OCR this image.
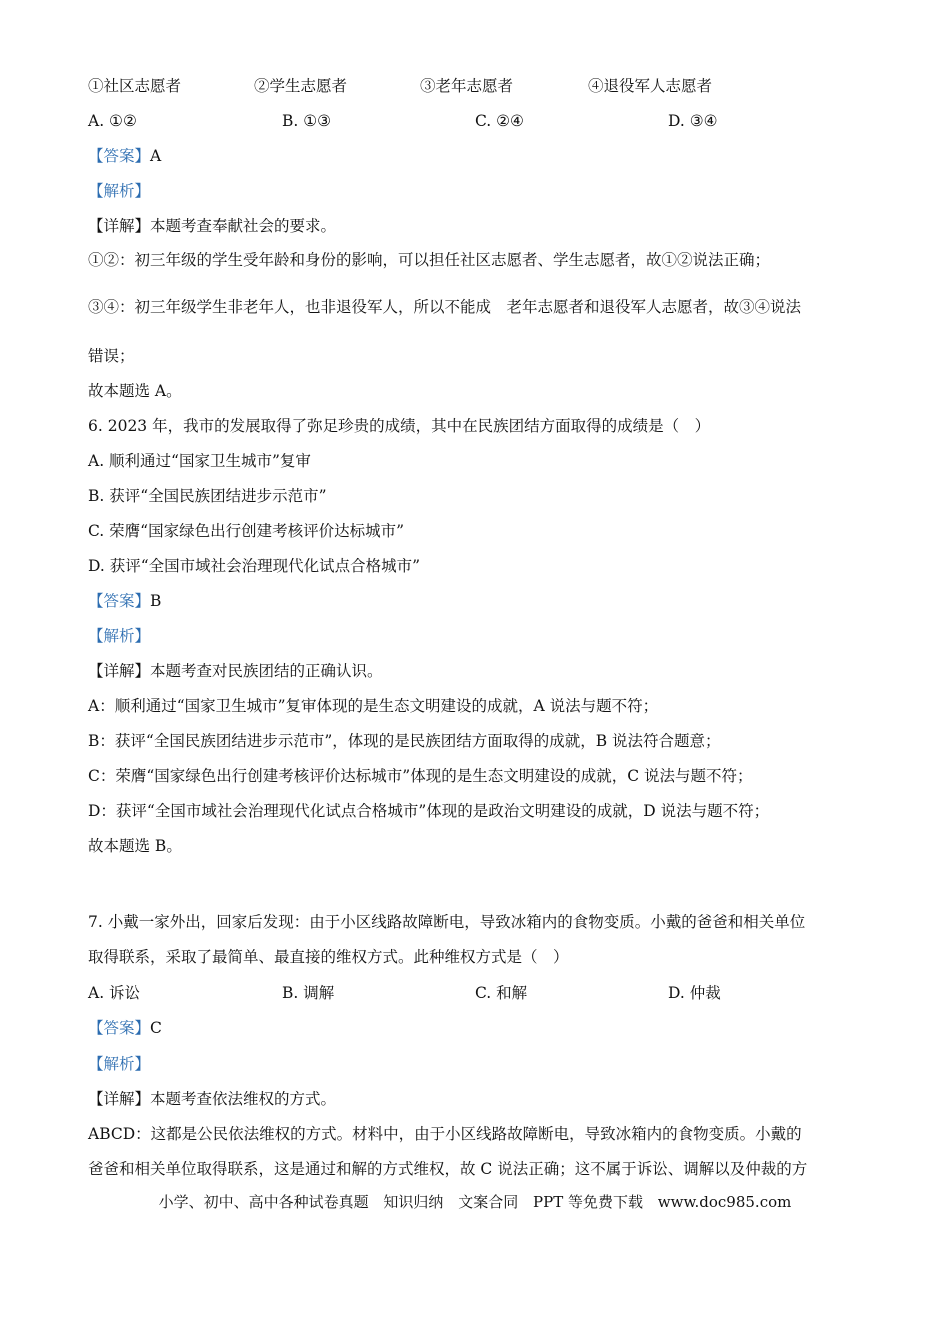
①社区志愿者	②学生志愿者	③老年志愿者	④退役军人志愿者
A. ①②	B. ①③	C. ②④	D. ③④
【答案】A
【解析】
【详解】本题考查奉献社会的要求。
①②：初三年级的学生受年龄和身份的影响，可以担任社区志愿者、学生志愿者，故①②说法正确；
③④：初三年级学生非老年人，也非退役军人，所以不能成　老年志愿者和退役军人志愿者，故③④说法
错误；
故本题选 A。
6. 2023 年，我市的发展取得了弥足珍贵的成绩，其中在民族团结方面取得的成绩是（　）
A. 顺利通过“国家卫生城市”复审
B. 获评“全国民族团结进步示范市”
C. 荣膺“国家绿色出行创建考核评价达标城市”
D. 获评“全国市域社会治理现代化试点合格城市”
【答案】B
【解析】
【详解】本题考查对民族团结的正确认识。
A：顺利通过“国家卫生城市”复审体现的是生态文明建设的成就，A 说法与题不符；
B：获评“全国民族团结进步示范市”，体现的是民族团结方面取得的成就，B 说法符合题意；
C：荣膺“国家绿色出行创建考核评价达标城市”体现的是生态文明建设的成就，C 说法与题不符；
D：获评“全国市域社会治理现代化试点合格城市”体现的是政治文明建设的成就，D 说法与题不符；
故本题选 B。
7. 小戴一家外出，回家后发现：由于小区线路故障断电，导致冰箱内的食物变质。小戴的爸爸和相关单位
取得联系，采取了最简单、最直接的维权方式。此种维权方式是（　）
A. 诉讼	B. 调解	C. 和解	D. 仲裁
【答案】C
【解析】
【详解】本题考查依法维权的方式。
ABCD：这都是公民依法维权的方式。材料中，由于小区线路故障断电，导致冰箱内的食物变质。小戴的
爸爸和相关单位取得联系，这是通过和解的方式维权，故 C 说法正确；这不属于诉讼、调解以及仲裁的方
小学、初中、高中各种试卷真题 知识归纳 文案合同 PPT 等免费下载 www.doc985.com
